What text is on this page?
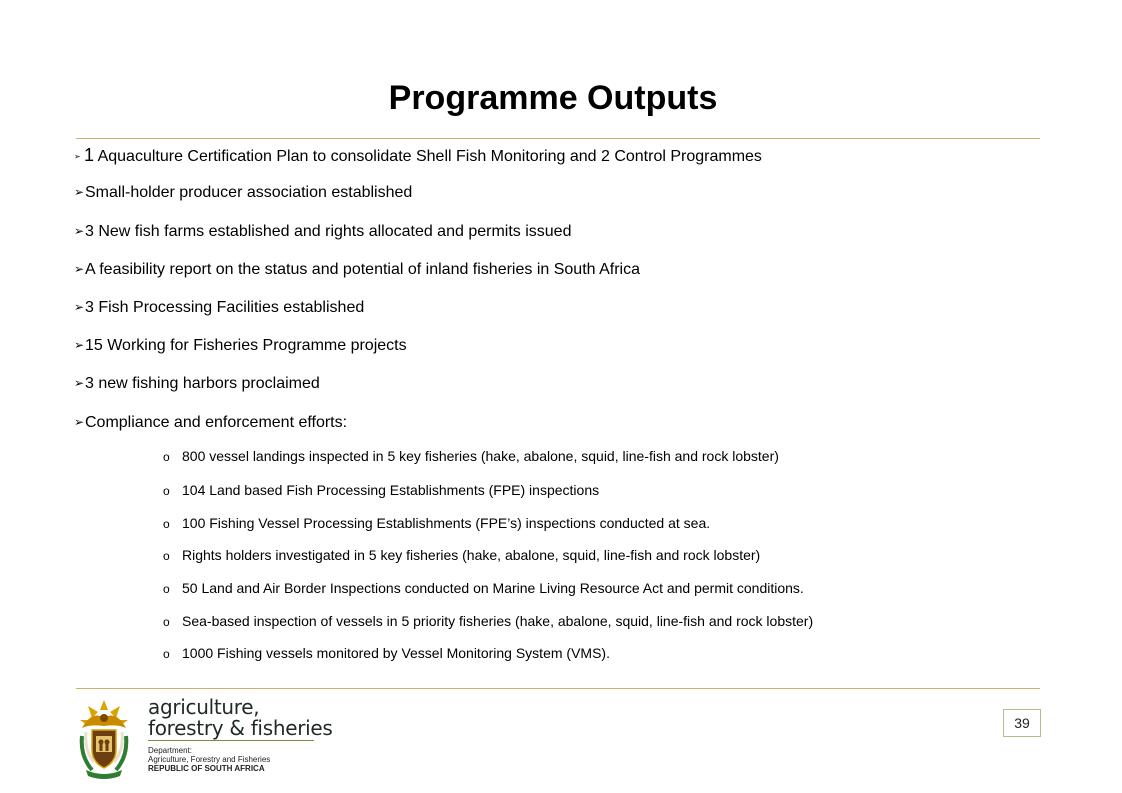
Programme Outputs
➢ 1 Aquaculture Certification Plan to consolidate Shell Fish Monitoring and 2 Control Programmes
➢Small-holder producer association established
➢3 New fish farms established and rights allocated and permits issued
➢A feasibility report on the status and potential of inland fisheries in South Africa
➢3 Fish Processing Facilities established
➢15 Working for Fisheries Programme projects
➢3 new fishing harbors proclaimed
➢Compliance and enforcement efforts:
o 800 vessel landings inspected in 5 key fisheries (hake, abalone, squid, line-fish and rock lobster)
o 104 Land based Fish Processing Establishments (FPE) inspections
o 100 Fishing Vessel Processing Establishments (FPE’s) inspections conducted at sea.
o Rights holders investigated in 5 key fisheries (hake, abalone, squid, line-fish and rock lobster)
o 50 Land and Air Border Inspections conducted on Marine Living Resource Act and permit conditions.
o Sea-based inspection of vessels in 5 priority fisheries (hake, abalone, squid, line-fish and rock lobster)
o 1000 Fishing vessels monitored by Vessel Monitoring System (VMS).
agriculture,
forestry & fisheries
Department:
Agriculture, Forestry and Fisheries
REPUBLIC OF SOUTH AFRICA
39
